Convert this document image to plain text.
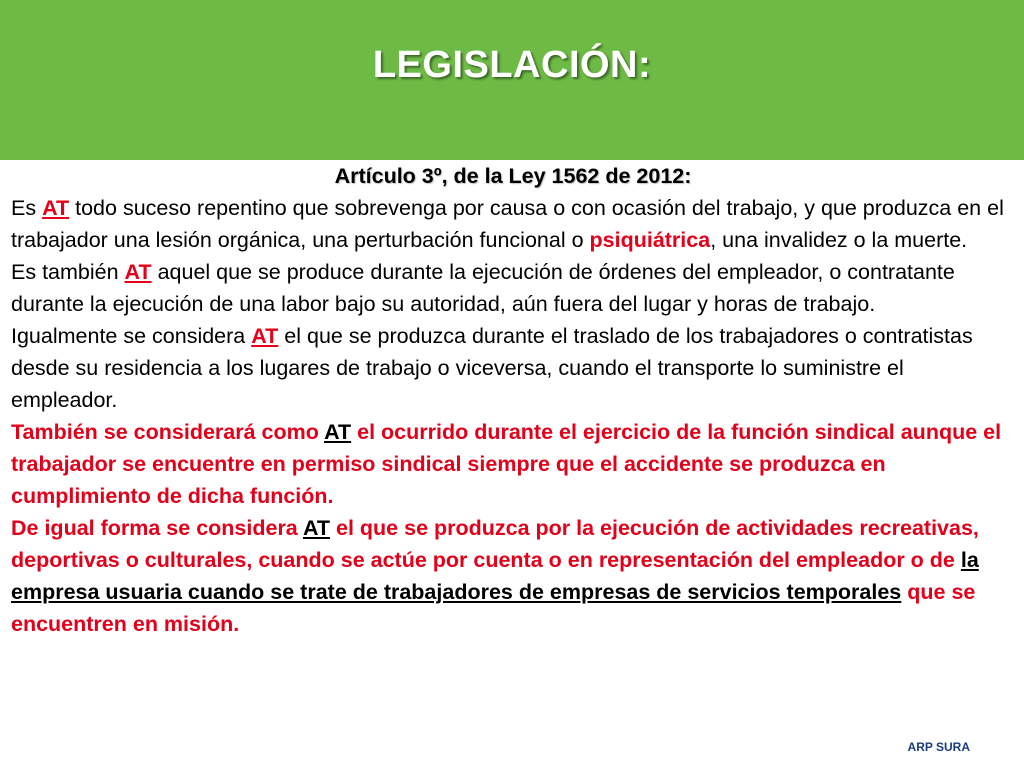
LEGISLACIÓN:
Artículo 3º, de la Ley 1562 de 2012:

Es AT todo suceso repentino que sobrevenga por causa o con ocasión del trabajo, y que produzca en el trabajador una lesión orgánica, una perturbación funcional o psiquiátrica, una invalidez o la muerte.

Es también AT aquel que se produce durante la ejecución de órdenes del empleador, o contratante durante la ejecución de una labor bajo su autoridad, aún fuera del lugar y horas de trabajo.

Igualmente se considera AT el que se produzca durante el traslado de los trabajadores o contratistas desde su residencia a los lugares de trabajo o viceversa, cuando el transporte lo suministre el empleador.

También se considerará como AT el ocurrido durante el ejercicio de la función sindical aunque el trabajador se encuentre en permiso sindical siempre que el accidente se produzca en cumplimiento de dicha función.

De igual forma se considera AT el que se produzca por la ejecución de actividades recreativas, deportivas o culturales, cuando se actúe por cuenta o en representación del empleador o de la empresa usuaria cuando se trate de trabajadores de empresas de servicios temporales que se encuentren en misión.

ARP SURA
